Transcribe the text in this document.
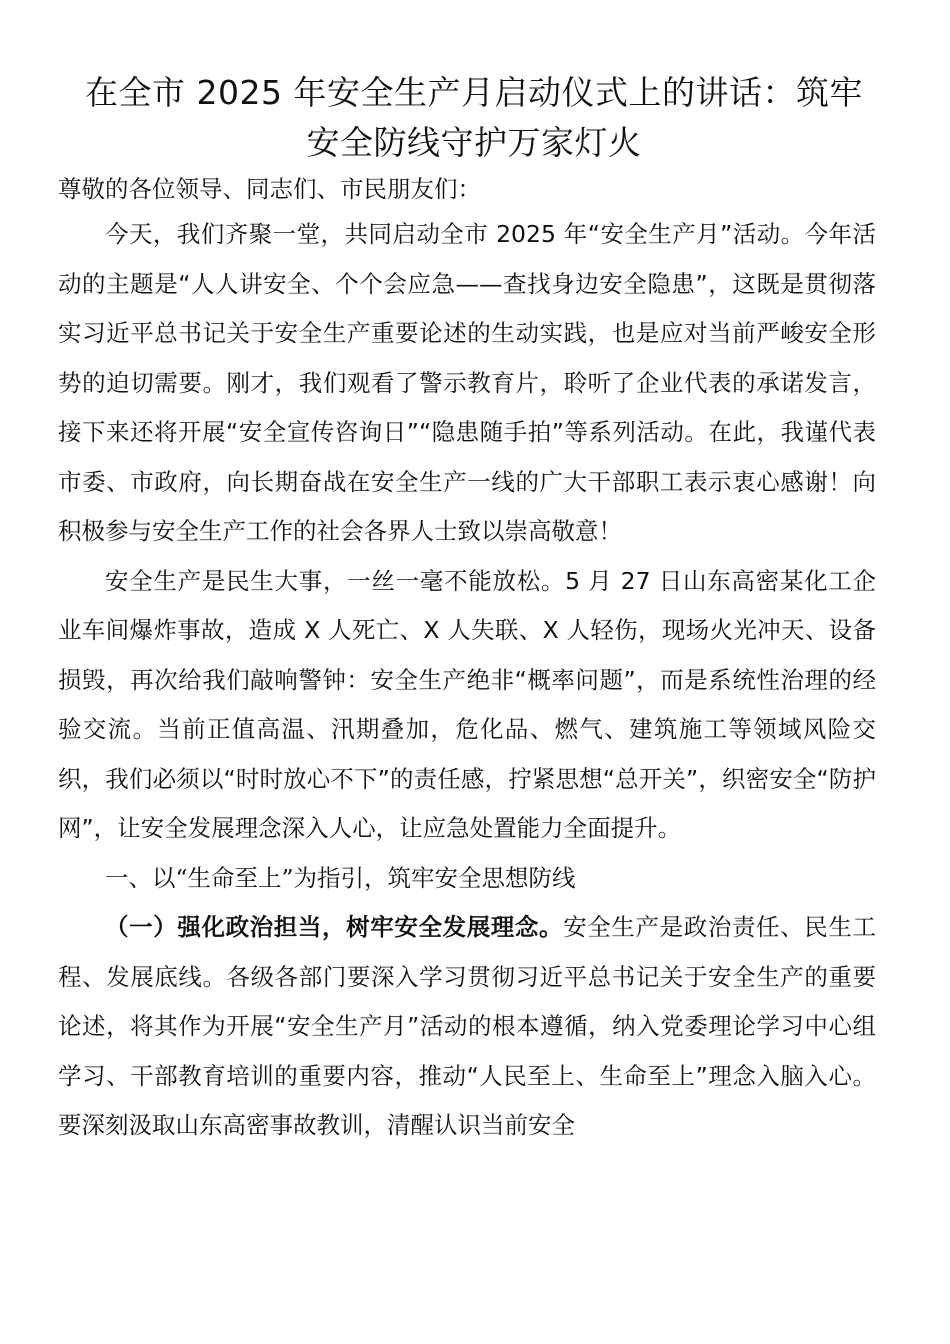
在全市 2025 年安全生产月启动仪式上的讲话：筑牢安全防线守护万家灯火

尊敬的各位领导、同志们、市民朋友们：

今天，我们齐聚一堂，共同启动全市 2025 年“安全生产月”活动。今年活动的主题是“人人讲安全、个个会应急——查找身边安全隐患”，这既是贯彻落实习近平总书记关于安全生产重要论述的生动实践，也是应对当前严峻安全形势的迫切需要。刚才，我们观看了警示教育片，聆听了企业代表的承诺发言，接下来还将开展“安全宣传咨询日”“隐患随手拍”等系列活动。在此，我谨代表市委、市政府，向长期奋战在安全生产一线的广大干部职工表示衷心感谢！向积极参与安全生产工作的社会各界人士致以崇高敬意！

安全生产是民生大事，一丝一毫不能放松。5 月 27 日山东高密某化工企业车间爆炸事故，造成 X 人死亡、X 人失联、X 人轻伤，现场火光冲天、设备损毁，再次给我们敲响警钟：安全生产绝非“概率问题”，而是系统性治理的经验交流。当前正值高温、汛期叠加，危化品、燃气、建筑施工等领域风险交织，我们必须以“时时放心不下”的责任感，拧紧思想“总开关”，织密安全“防护网”，让安全发展理念深入人心，让应急处置能力全面提升。

一、以“生命至上”为指引，筑牢安全思想防线

（一）强化政治担当，树牢安全发展理念。安全生产是政治责任、民生工程、发展底线。各级各部门要深入学习贯彻习近平总书记关于安全生产的重要论述，将其作为开展“安全生产月”活动的根本遵循，纳入党委理论学习中心组学习、干部教育培训的重要内容，推动“人民至上、生命至上”理念入脑入心。要深刻汲取山东高密事故教训，清醒认识当前安全
